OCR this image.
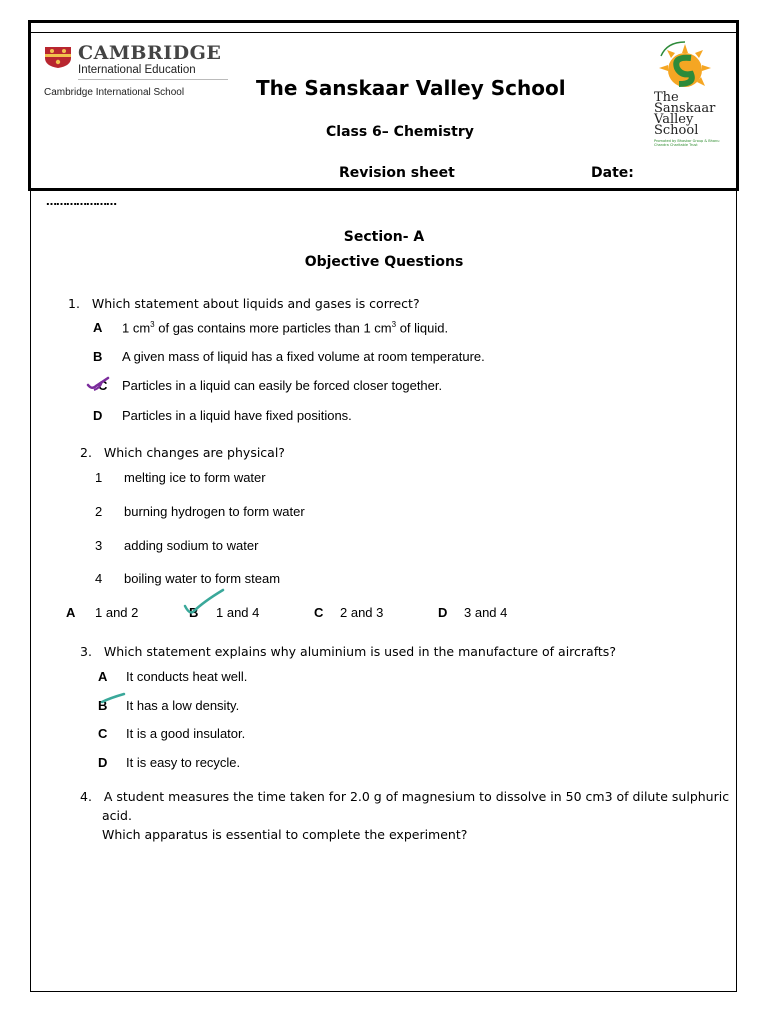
CAMBRIDGE
International Education
Cambridge International School	The Sanskaar Valley School
Class 6– Chemistry
Revision sheet	Date:
The
Sanskaar
Valley
School
Promoted by Bhaskar Group & Bhanu Chandra Charitable Trust
…………………
Section- A
Objective Questions
1. Which statement about liquids and gases is correct?
A 1 $cm^3$ of gas contains more particles than 1 $cm^3$ of liquid.
B A given mass of liquid has a fixed volume at room temperature.
C Particles in a liquid can easily be forced closer together.
D Particles in a liquid have fixed positions.
2. Which changes are physical?
1 melting ice to form water
2 burning hydrogen to form water
3 adding sodium to water
4 boiling water to form steam
A 1 and 2	B 1 and 4	C 2 and 3	D 3 and 4
3. Which statement explains why aluminium is used in the manufacture of aircrafts?
A It conducts heat well.
B It has a low density.
C It is a good insulator.
D It is easy to recycle.
4. A student measures the time taken for 2.0 g of magnesium to dissolve in 50 cm3 of dilute sulphuric
acid.
Which apparatus is essential to complete the experiment?
